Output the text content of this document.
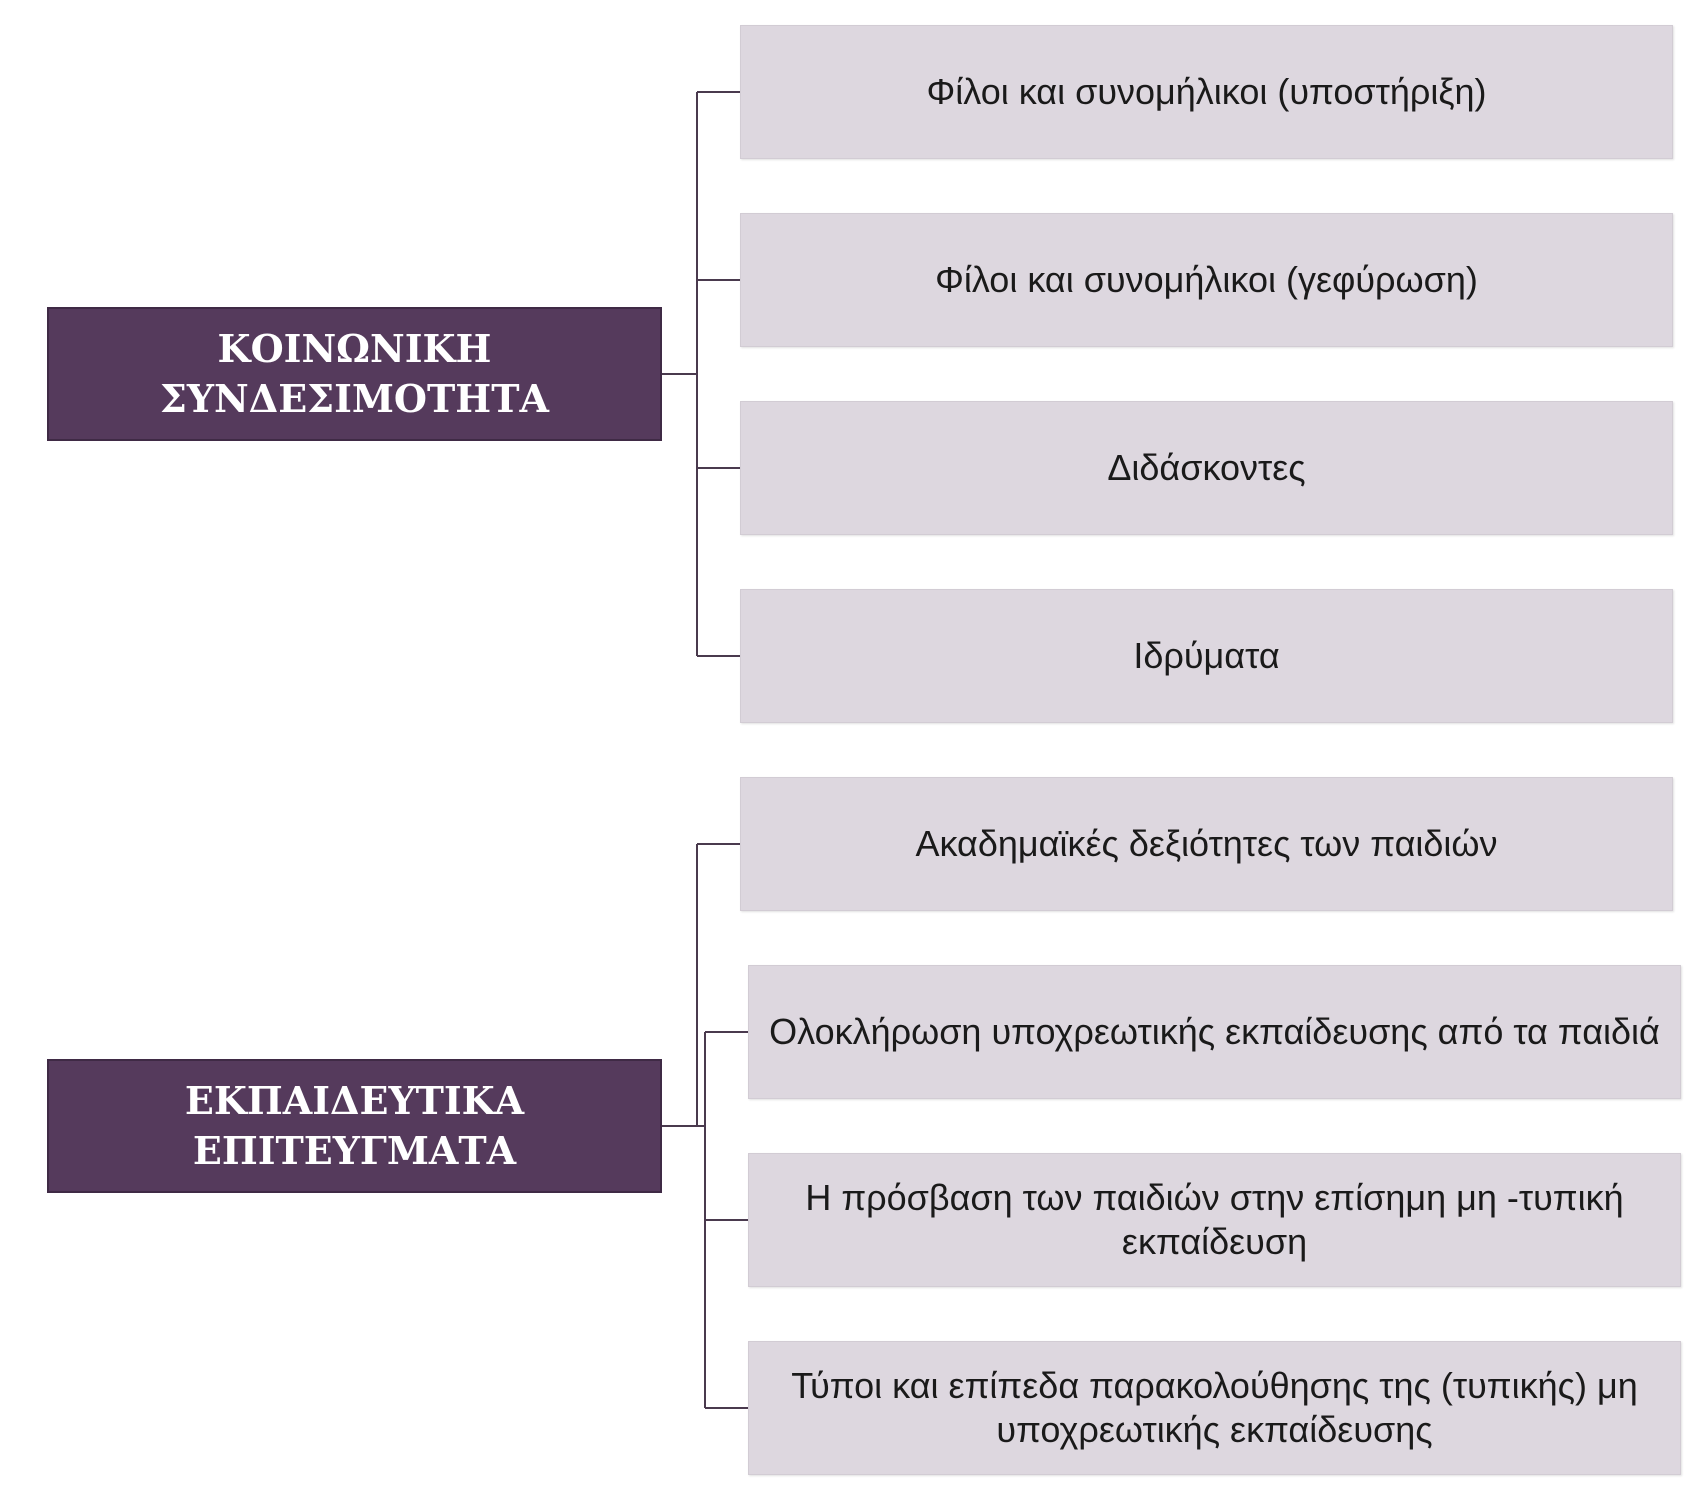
ΚΟΙΝΩΝΙΚΗ
ΣΥΝΔΕΣΙΜΟΤΗΤΑ
Φίλοι και συνομήλικοι (υποστήριξη)
Φίλοι και συνομήλικοι (γεφύρωση)
Διδάσκοντες
Ιδρύματα
ΕΚΠΑΙΔΕΥΤΙΚΑ
ΕΠΙΤΕΥΓΜΑΤΑ
Ακαδημαϊκές δεξιότητες των παιδιών
Ολοκλήρωση υποχρεωτικής εκπαίδευσης από τα παιδιά
Η πρόσβαση των παιδιών στην επίσημη μη -τυπική εκπαίδευση
Τύποι και επίπεδα παρακολούθησης της (τυπικής) μη υποχρεωτικής εκπαίδευσης
